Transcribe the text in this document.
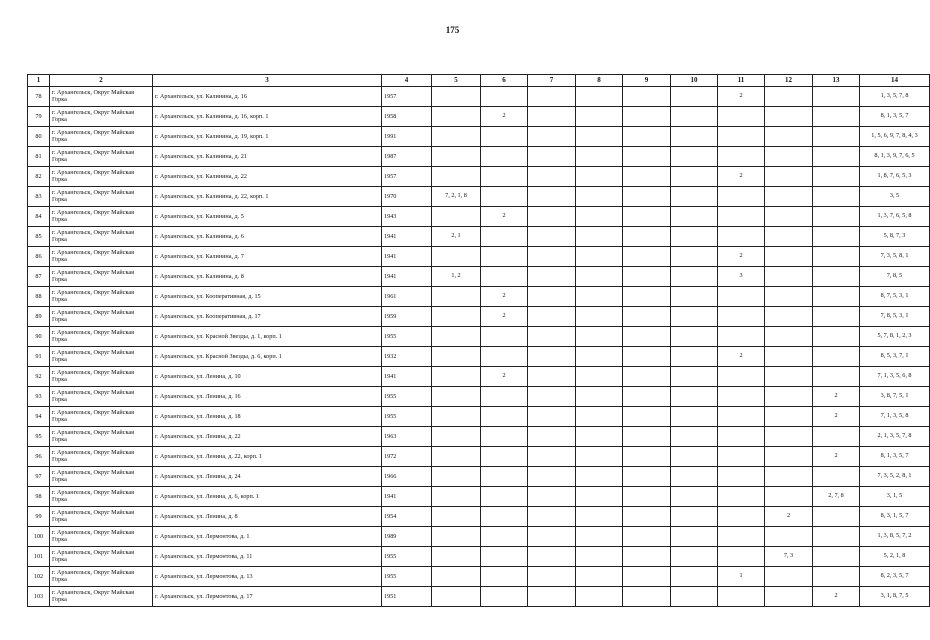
175
1	2	3	4	5	6	7	8	9	10	11	12	13	14
78	г. Архангельск, Округ Майская Горка	г. Архангельск, ул. Калинина, д. 16	1957							2			1, 3, 5, 7, 8
79	г. Архангельск, Округ Майская Горка	г. Архангельск, ул. Калинина, д. 16, корп. 1	1958		2								8, 1, 3, 5, 7
80	г. Архангельск, Округ Майская Горка	г. Архангельск, ул. Калинина, д. 19, корп. 1	1991										1, 5, 6, 9, 7, 8, 4, 3
81	г. Архангельск, Округ Майская Горка	г. Архангельск, ул. Калинина, д. 21	1987										8, 1, 3, 9, 7, 6, 5
82	г. Архангельск, Округ Майская Горка	г. Архангельск, ул. Калинина, д. 22	1957							2			1, 8, 7, 6, 5, 3
83	г. Архангельск, Округ Майская Горка	г. Архангельск, ул. Калинина, д. 22, корп. 1	1970	7, 2, 1, 8									3, 5
84	г. Архангельск, Округ Майская Горка	г. Архангельск, ул. Калинина, д. 5	1943		2								1, 3, 7, 6, 5, 8
85	г. Архангельск, Округ Майская Горка	г. Архангельск, ул. Калинина, д. 6	1941	2, 1									5, 8, 7, 3
86	г. Архангельск, Округ Майская Горка	г. Архангельск, ул. Калинина, д. 7	1941							2			7, 3, 5, 8, 1
87	г. Архангельск, Округ Майская Горка	г. Архангельск, ул. Калинина, д. 8	1941	1, 2						3			7, 8, 5
88	г. Архангельск, Округ Майская Горка	г. Архангельск, ул. Кооперативная, д. 15	1961		2								8, 7, 5, 3, 1
89	г. Архангельск, Округ Майская Горка	г. Архангельск, ул. Кооперативная, д. 17	1959		2								7, 8, 5, 3, 1
90	г. Архангельск, Округ Майская Горка	г. Архангельск, ул. Красной Звезды, д. 1, корп. 1	1955										5, 7, 8, 1, 2, 3
91	г. Архангельск, Округ Майская Горка	г. Архангельск, ул. Красной Звезды, д. 6, корп. 1	1932							2			8, 5, 3, 7, 1
92	г. Архангельск, Округ Майская Горка	г. Архангельск, ул. Ленина, д. 10	1941		2								7, 1, 3, 5, 6, 8
93	г. Архангельск, Округ Майская Горка	г. Архангельск, ул. Ленина, д. 16	1955									2	3, 8, 7, 5, 1
94	г. Архангельск, Округ Майская Горка	г. Архангельск, ул. Ленина, д. 18	1955									2	7, 1, 3, 5, 8
95	г. Архангельск, Округ Майская Горка	г. Архангельск, ул. Ленина, д. 22	1963										2, 1, 3, 5, 7, 8
96	г. Архангельск, Округ Майская Горка	г. Архангельск, ул. Ленина, д. 22, корп. 1	1972									2	8, 1, 3, 5, 7
97	г. Архангельск, Округ Майская Горка	г. Архангельск, ул. Ленина, д. 24	1966										7, 3, 5, 2, 8, 1
98	г. Архангельск, Округ Майская Горка	г. Архангельск, ул. Ленина, д. 6, корп. 1	1941									2, 7, 8	3, 1, 5
99	г. Архангельск, Округ Майская Горка	г. Архангельск, ул. Ленина, д. 8	1954								2		8, 3, 1, 5, 7
100	г. Архангельск, Округ Майская Горка	г. Архангельск, ул. Лермонтова, д. 1	1989										1, 3, 8, 5, 7, 2
101	г. Архангельск, Округ Майская Горка	г. Архангельск, ул. Лермонтова, д. 11	1955								7, 3		5, 2, 1, 8
102	г. Архангельск, Округ Майская Горка	г. Архангельск, ул. Лермонтова, д. 13	1955							1			8, 2, 3, 5, 7
103	г. Архангельск, Округ Майская Горка	г. Архангельск, ул. Лермонтова, д. 17	1951									2	3, 1, 8, 7, 5
